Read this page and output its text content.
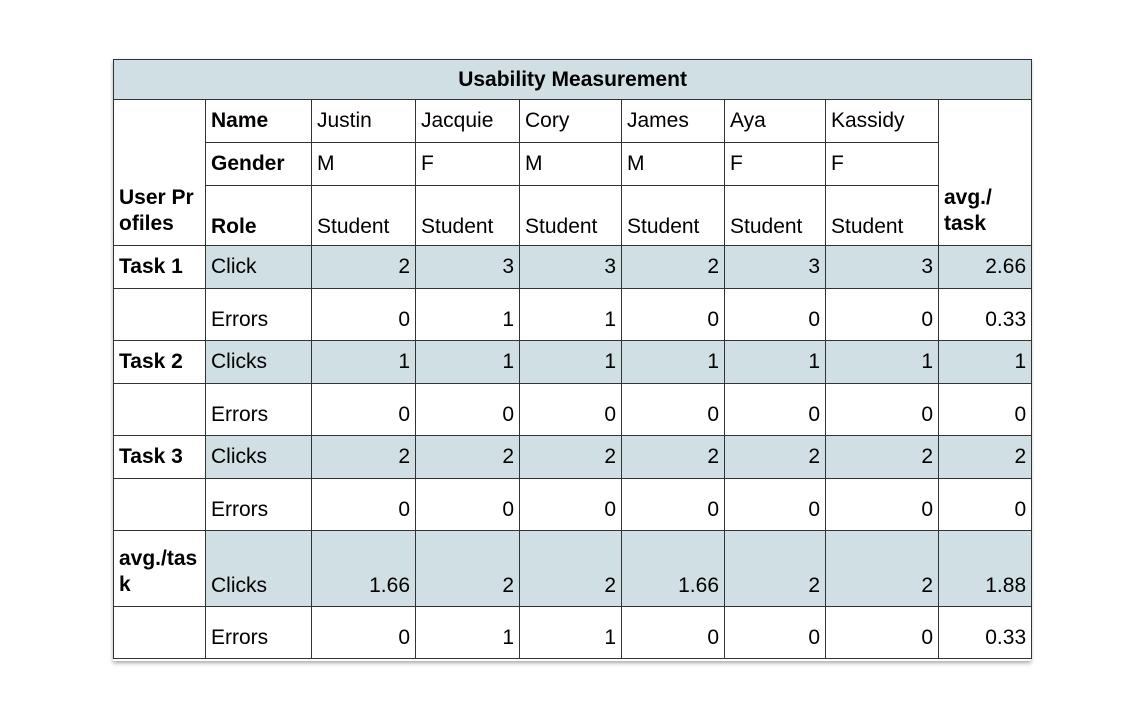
Usability Measurement								
User Profiles	Name	Justin	Jacquie	Cory	James	Aya	Kassidy	avg./ task
	Gender	M	F	M	M	F	F	
	Role	Student	Student	Student	Student	Student	Student	
Task 1	Click	2	3	3	2	3	3	2.66
	Errors	0	1	1	0	0	0	0.33
Task 2	Clicks	1	1	1	1	1	1	1
	Errors	0	0	0	0	0	0	0
Task 3	Clicks	2	2	2	2	2	2	2
	Errors	0	0	0	0	0	0	0
avg./task	Clicks	1.66	2	2	1.66	2	2	1.88
	Errors	0	1	1	0	0	0	0.33
